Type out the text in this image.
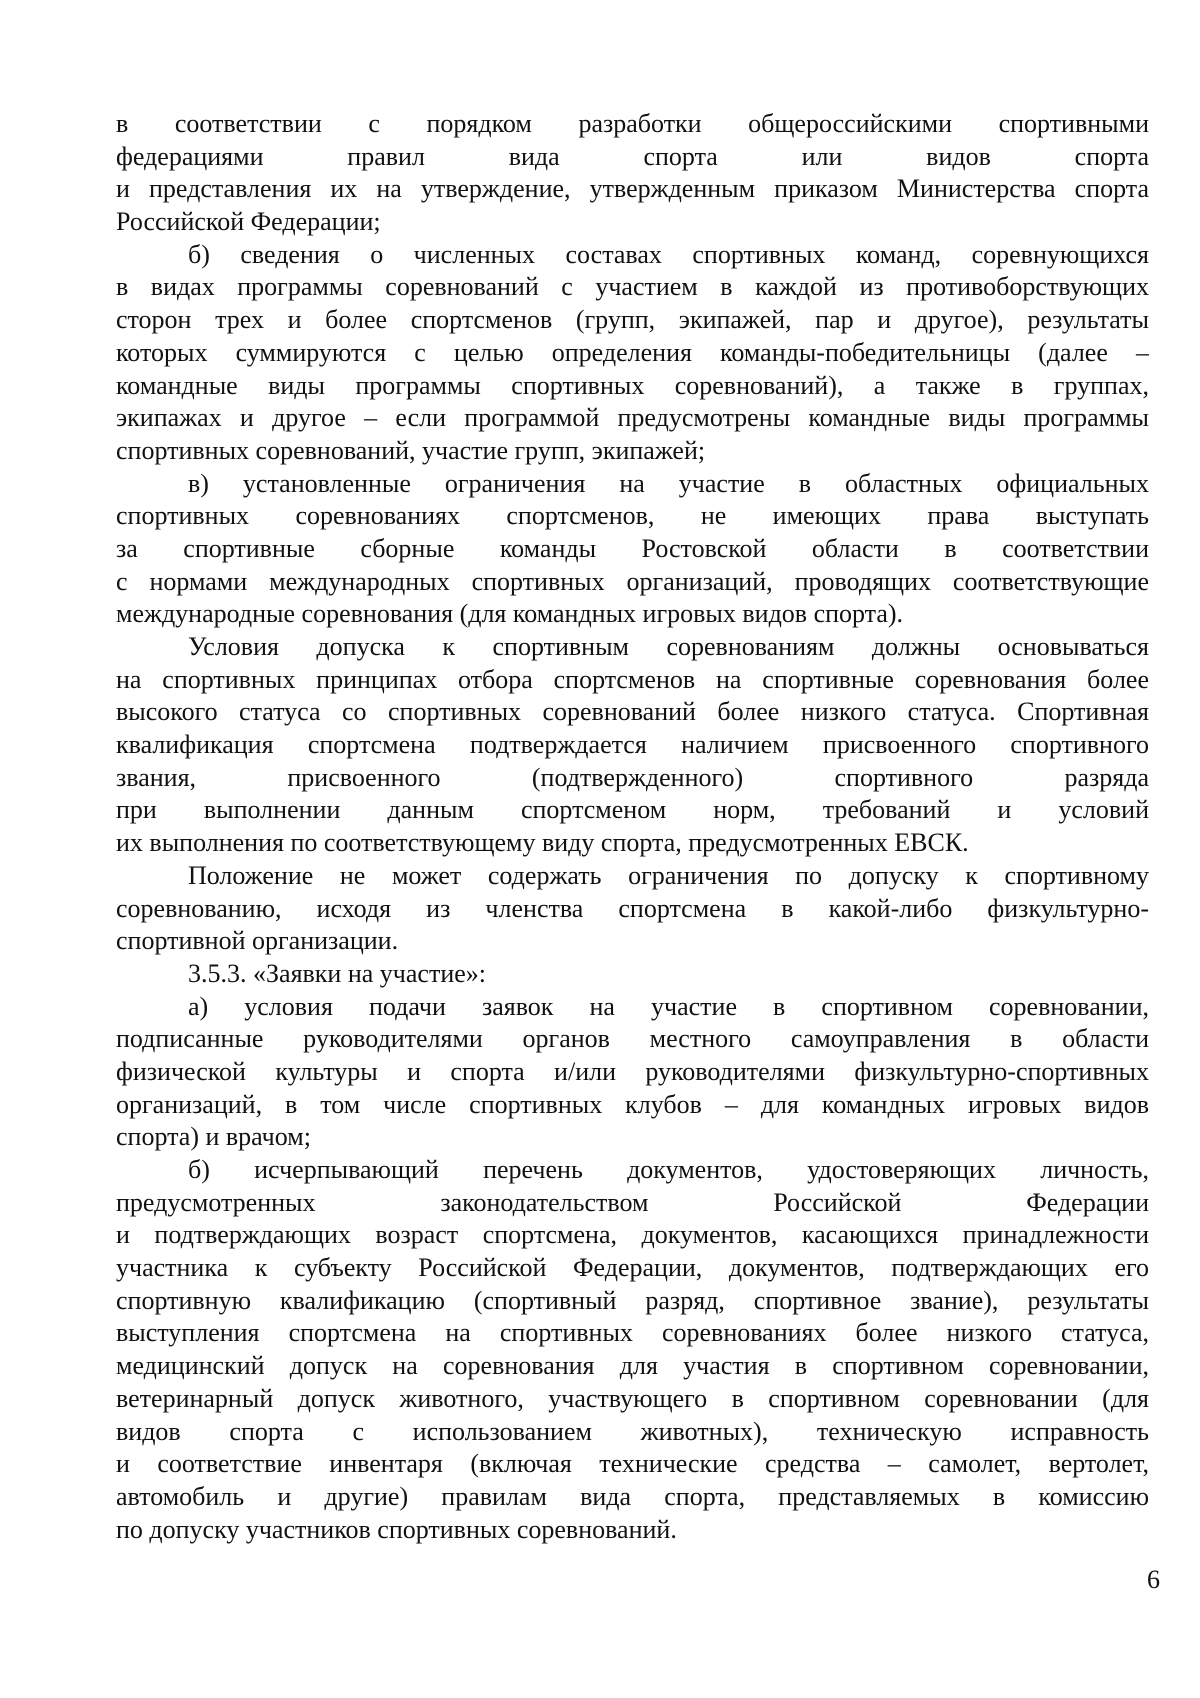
в соответствии с порядком разработки общероссийскими спортивными
федерациями правил вида спорта или видов спорта
и представления их на утверждение, утвержденным приказом Министерства спорта
Российской Федерации;
б) сведения о численных составах спортивных команд, соревнующихся
в видах программы соревнований с участием в каждой из противоборствующих
сторон трех и более спортсменов (групп, экипажей, пар и другое), результаты
которых суммируются с целью определения команды-победительницы (далее –
командные виды программы спортивных соревнований), а также в группах,
экипажах и другое – если программой предусмотрены командные виды программы
спортивных соревнований, участие групп, экипажей;
в) установленные ограничения на участие в областных официальных
спортивных соревнованиях спортсменов, не имеющих права выступать
за спортивные сборные команды Ростовской области в соответствии
с нормами международных спортивных организаций, проводящих соответствующие
международные соревнования (для командных игровых видов спорта).
Условия допуска к спортивным соревнованиям должны основываться
на спортивных принципах отбора спортсменов на спортивные соревнования более
высокого статуса со спортивных соревнований более низкого статуса. Спортивная
квалификация спортсмена подтверждается наличием присвоенного спортивного
звания, присвоенного (подтвержденного) спортивного разряда
при выполнении данным спортсменом норм, требований и условий
их выполнения по соответствующему виду спорта, предусмотренных ЕВСК.
Положение не может содержать ограничения по допуску к спортивному
соревнованию, исходя из членства спортсмена в какой-либо физкультурно-
спортивной организации.
3.5.3. «Заявки на участие»:
а) условия подачи заявок на участие в спортивном соревновании,
подписанные руководителями органов местного самоуправления в области
физической культуры и спорта и/или руководителями физкультурно-спортивных
организаций, в том числе спортивных клубов – для командных игровых видов
спорта) и врачом;
б) исчерпывающий перечень документов, удостоверяющих личность,
предусмотренных законодательством Российской Федерации
и подтверждающих возраст спортсмена, документов, касающихся принадлежности
участника к субъекту Российской Федерации, документов, подтверждающих его
спортивную квалификацию (спортивный разряд, спортивное звание), результаты
выступления спортсмена на спортивных соревнованиях более низкого статуса,
медицинский допуск на соревнования для участия в спортивном соревновании,
ветеринарный допуск животного, участвующего в спортивном соревновании (для
видов спорта с использованием животных), техническую исправность
и соответствие инвентаря (включая технические средства – самолет, вертолет,
автомобиль и другие) правилам вида спорта, представляемых в комиссию
по допуску участников спортивных соревнований.
6
